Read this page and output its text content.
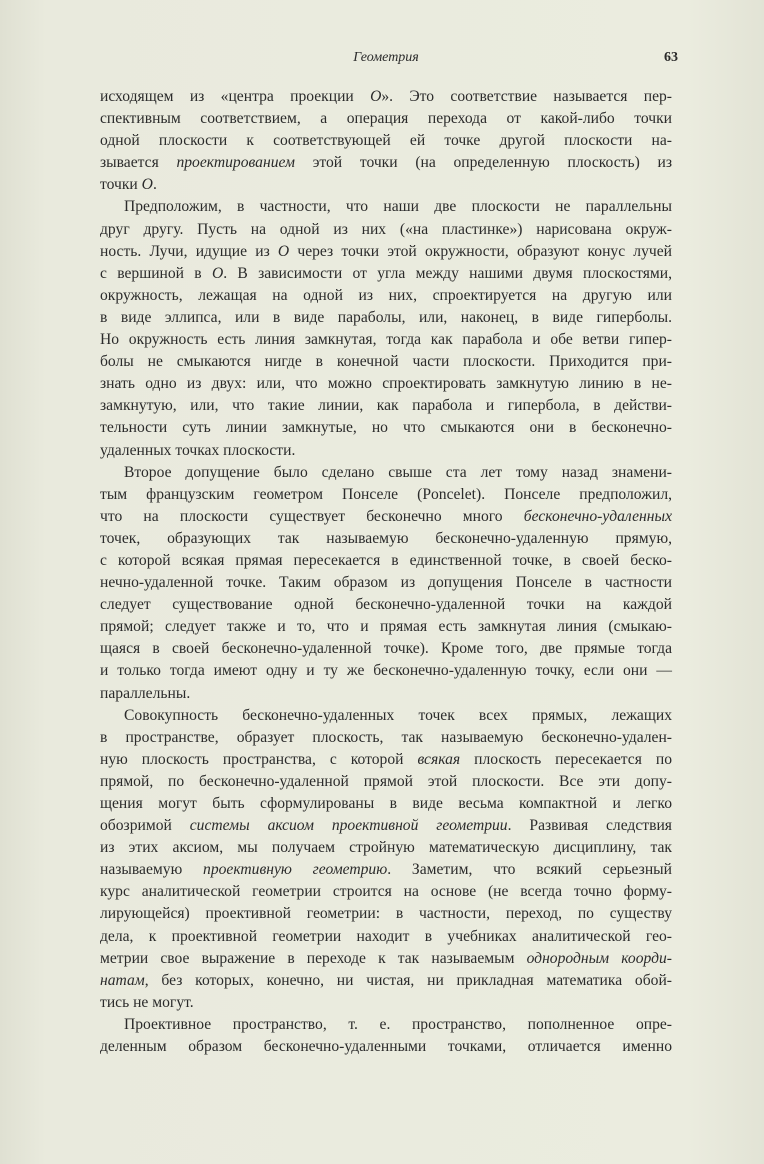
Геометрия	63
исходящем из «центра проекции O». Это соответствие называется пер-
спективным соответствием, а операция перехода от какой-либо точки
одной плоскости к соответствующей ей точке другой плоскости на-
зывается проектированием этой точки (на определенную плоскость) из
точки O.
Предположим, в частности, что наши две плоскости не параллельны
друг другу. Пусть на одной из них («на пластинке») нарисована окруж-
ность. Лучи, идущие из O через точки этой окружности, образуют конус лучей
с вершиной в O. В зависимости от угла между нашими двумя плоскостями,
окружность, лежащая на одной из них, спроектируется на другую или
в виде эллипса, или в виде параболы, или, наконец, в виде гиперболы.
Но окружность есть линия замкнутая, тогда как парабола и обе ветви гипер-
болы не смыкаются нигде в конечной части плоскости. Приходится при-
знать одно из двух: или, что можно спроектировать замкнутую линию в не-
замкнутую, или, что такие линии, как парабола и гипербола, в действи-
тельности суть линии замкнутые, но что смыкаются они в бесконечно-
удаленных точках плоскости.
Второе допущение было сделано свыше ста лет тому назад знамени-
тым французским геометром Понселе (Poncelet). Понселе предположил,
что на плоскости существует бесконечно много бесконечно-удаленных
точек, образующих так называемую бесконечно-удаленную прямую,
с которой всякая прямая пересекается в единственной точке, в своей беско-
нечно-удаленной точке. Таким образом из допущения Понселе в частности
следует существование одной бесконечно-удаленной точки на каждой
прямой; следует также и то, что и прямая есть замкнутая линия (смыкаю-
щаяся в своей бесконечно-удаленной точке). Кроме того, две прямые тогда
и только тогда имеют одну и ту же бесконечно-удаленную точку, если они —
параллельны.
Совокупность бесконечно-удаленных точек всех прямых, лежащих
в пространстве, образует плоскость, так называемую бесконечно-удален-
ную плоскость пространства, с которой всякая плоскость пересекается по
прямой, по бесконечно-удаленной прямой этой плоскости. Все эти допу-
щения могут быть сформулированы в виде весьма компактной и легко
обозримой системы аксиом проективной геометрии. Развивая следствия
из этих аксиом, мы получаем стройную математическую дисциплину, так
называемую проективную геометрию. Заметим, что всякий серьезный
курс аналитической геометрии строится на основе (не всегда точно форму-
лирующейся) проективной геометрии: в частности, переход, по существу
дела, к проективной геометрии находит в учебниках аналитической гео-
метрии свое выражение в переходе к так называемым однородным коорди-
натам, без которых, конечно, ни чистая, ни прикладная математика обой-
тись не могут.
Проективное пространство, т. е. пространство, пополненное опре-
деленным образом бесконечно-удаленными точками, отличается именно
